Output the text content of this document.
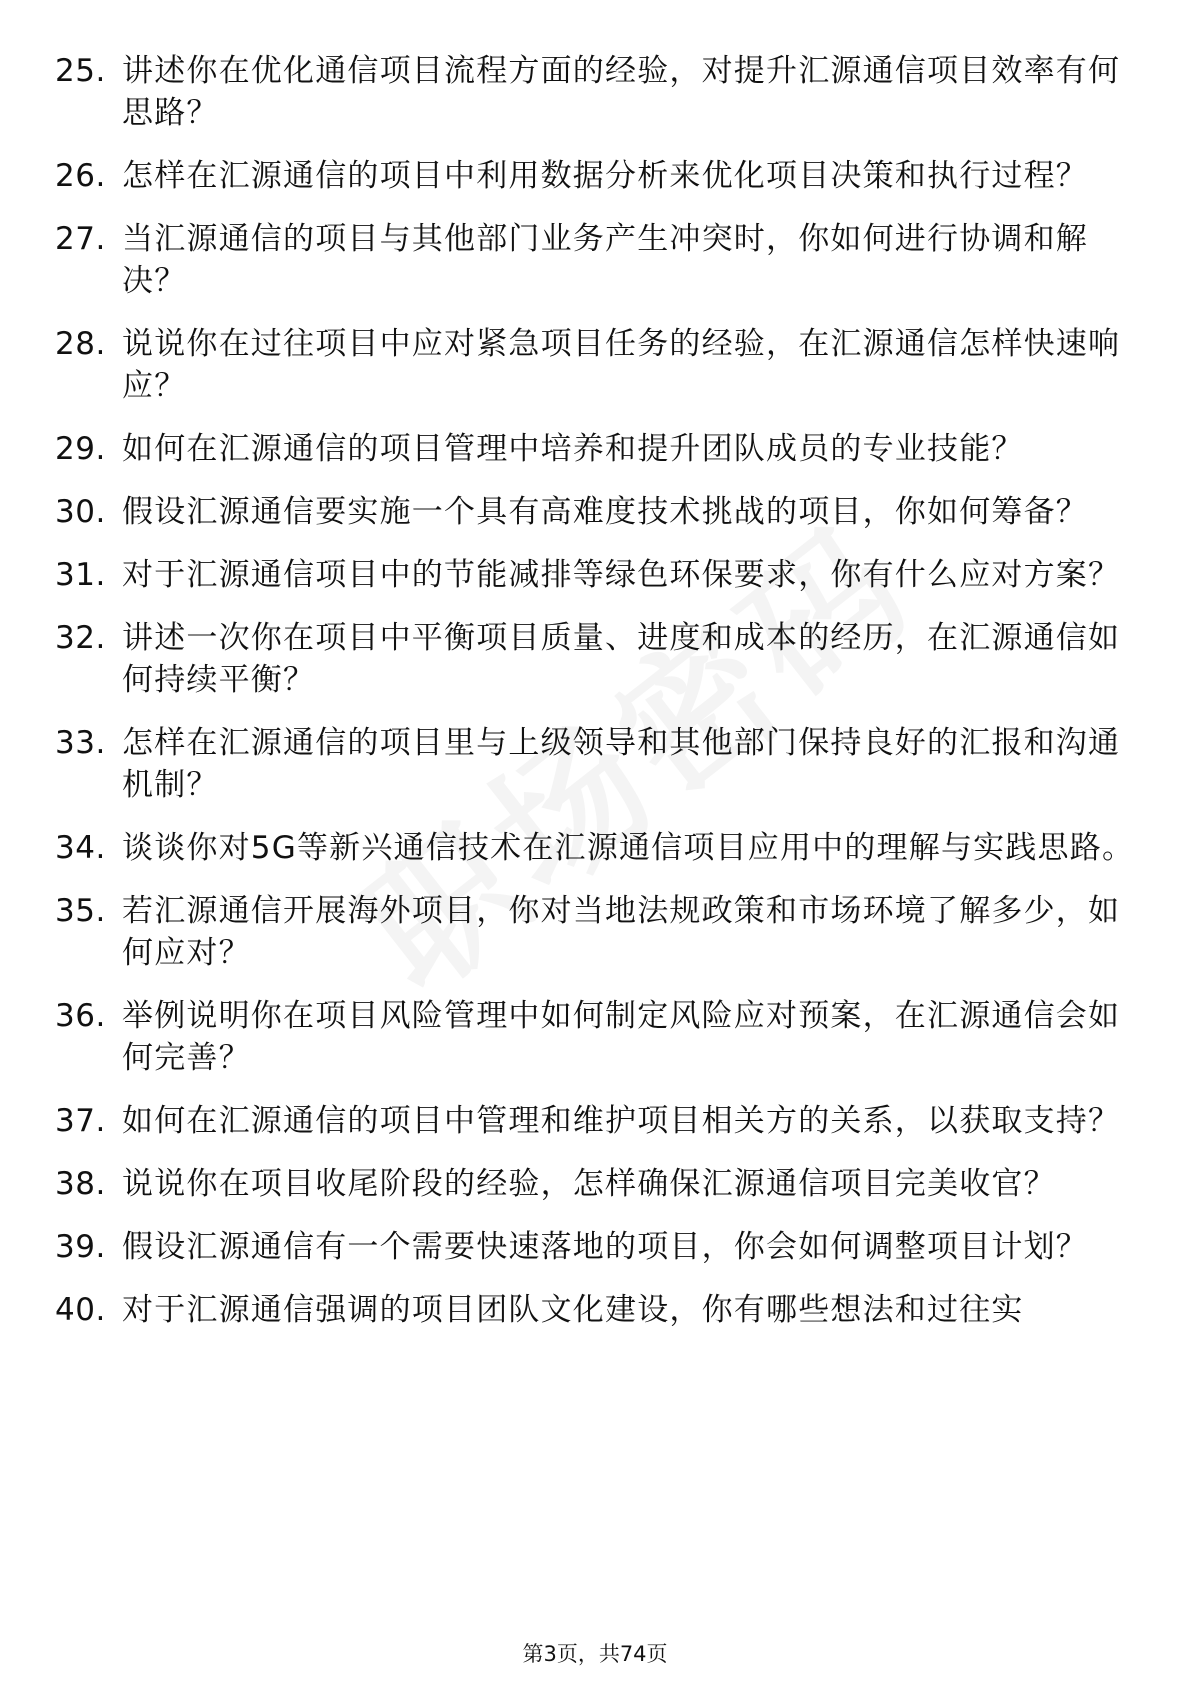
25. 讲述你在优化通信项目流程方面的经验，对提升汇源通信项目效率有何思路？
26. 怎样在汇源通信的项目中利用数据分析来优化项目决策和执行过程？
27. 当汇源通信的项目与其他部门业务产生冲突时，你如何进行协调和解决？
28. 说说你在过往项目中应对紧急项目任务的经验，在汇源通信怎样快速响应？
29. 如何在汇源通信的项目管理中培养和提升团队成员的专业技能？
30. 假设汇源通信要实施一个具有高难度技术挑战的项目，你如何筹备？
31. 对于汇源通信项目中的节能减排等绿色环保要求，你有什么应对方案？
32. 讲述一次你在项目中平衡项目质量、进度和成本的经历，在汇源通信如何持续平衡？
33. 怎样在汇源通信的项目里与上级领导和其他部门保持良好的汇报和沟通机制？
34. 谈谈你对5G等新兴通信技术在汇源通信项目应用中的理解与实践思路。
35. 若汇源通信开展海外项目，你对当地法规政策和市场环境了解多少，如何应对？
36. 举例说明你在项目风险管理中如何制定风险应对预案，在汇源通信会如何完善？
37. 如何在汇源通信的项目中管理和维护项目相关方的关系，以获取支持？
38. 说说你在项目收尾阶段的经验，怎样确保汇源通信项目完美收官？
39. 假设汇源通信有一个需要快速落地的项目，你会如何调整项目计划？
40. 对于汇源通信强调的项目团队文化建设，你有哪些想法和过往实
第3页，共74页
